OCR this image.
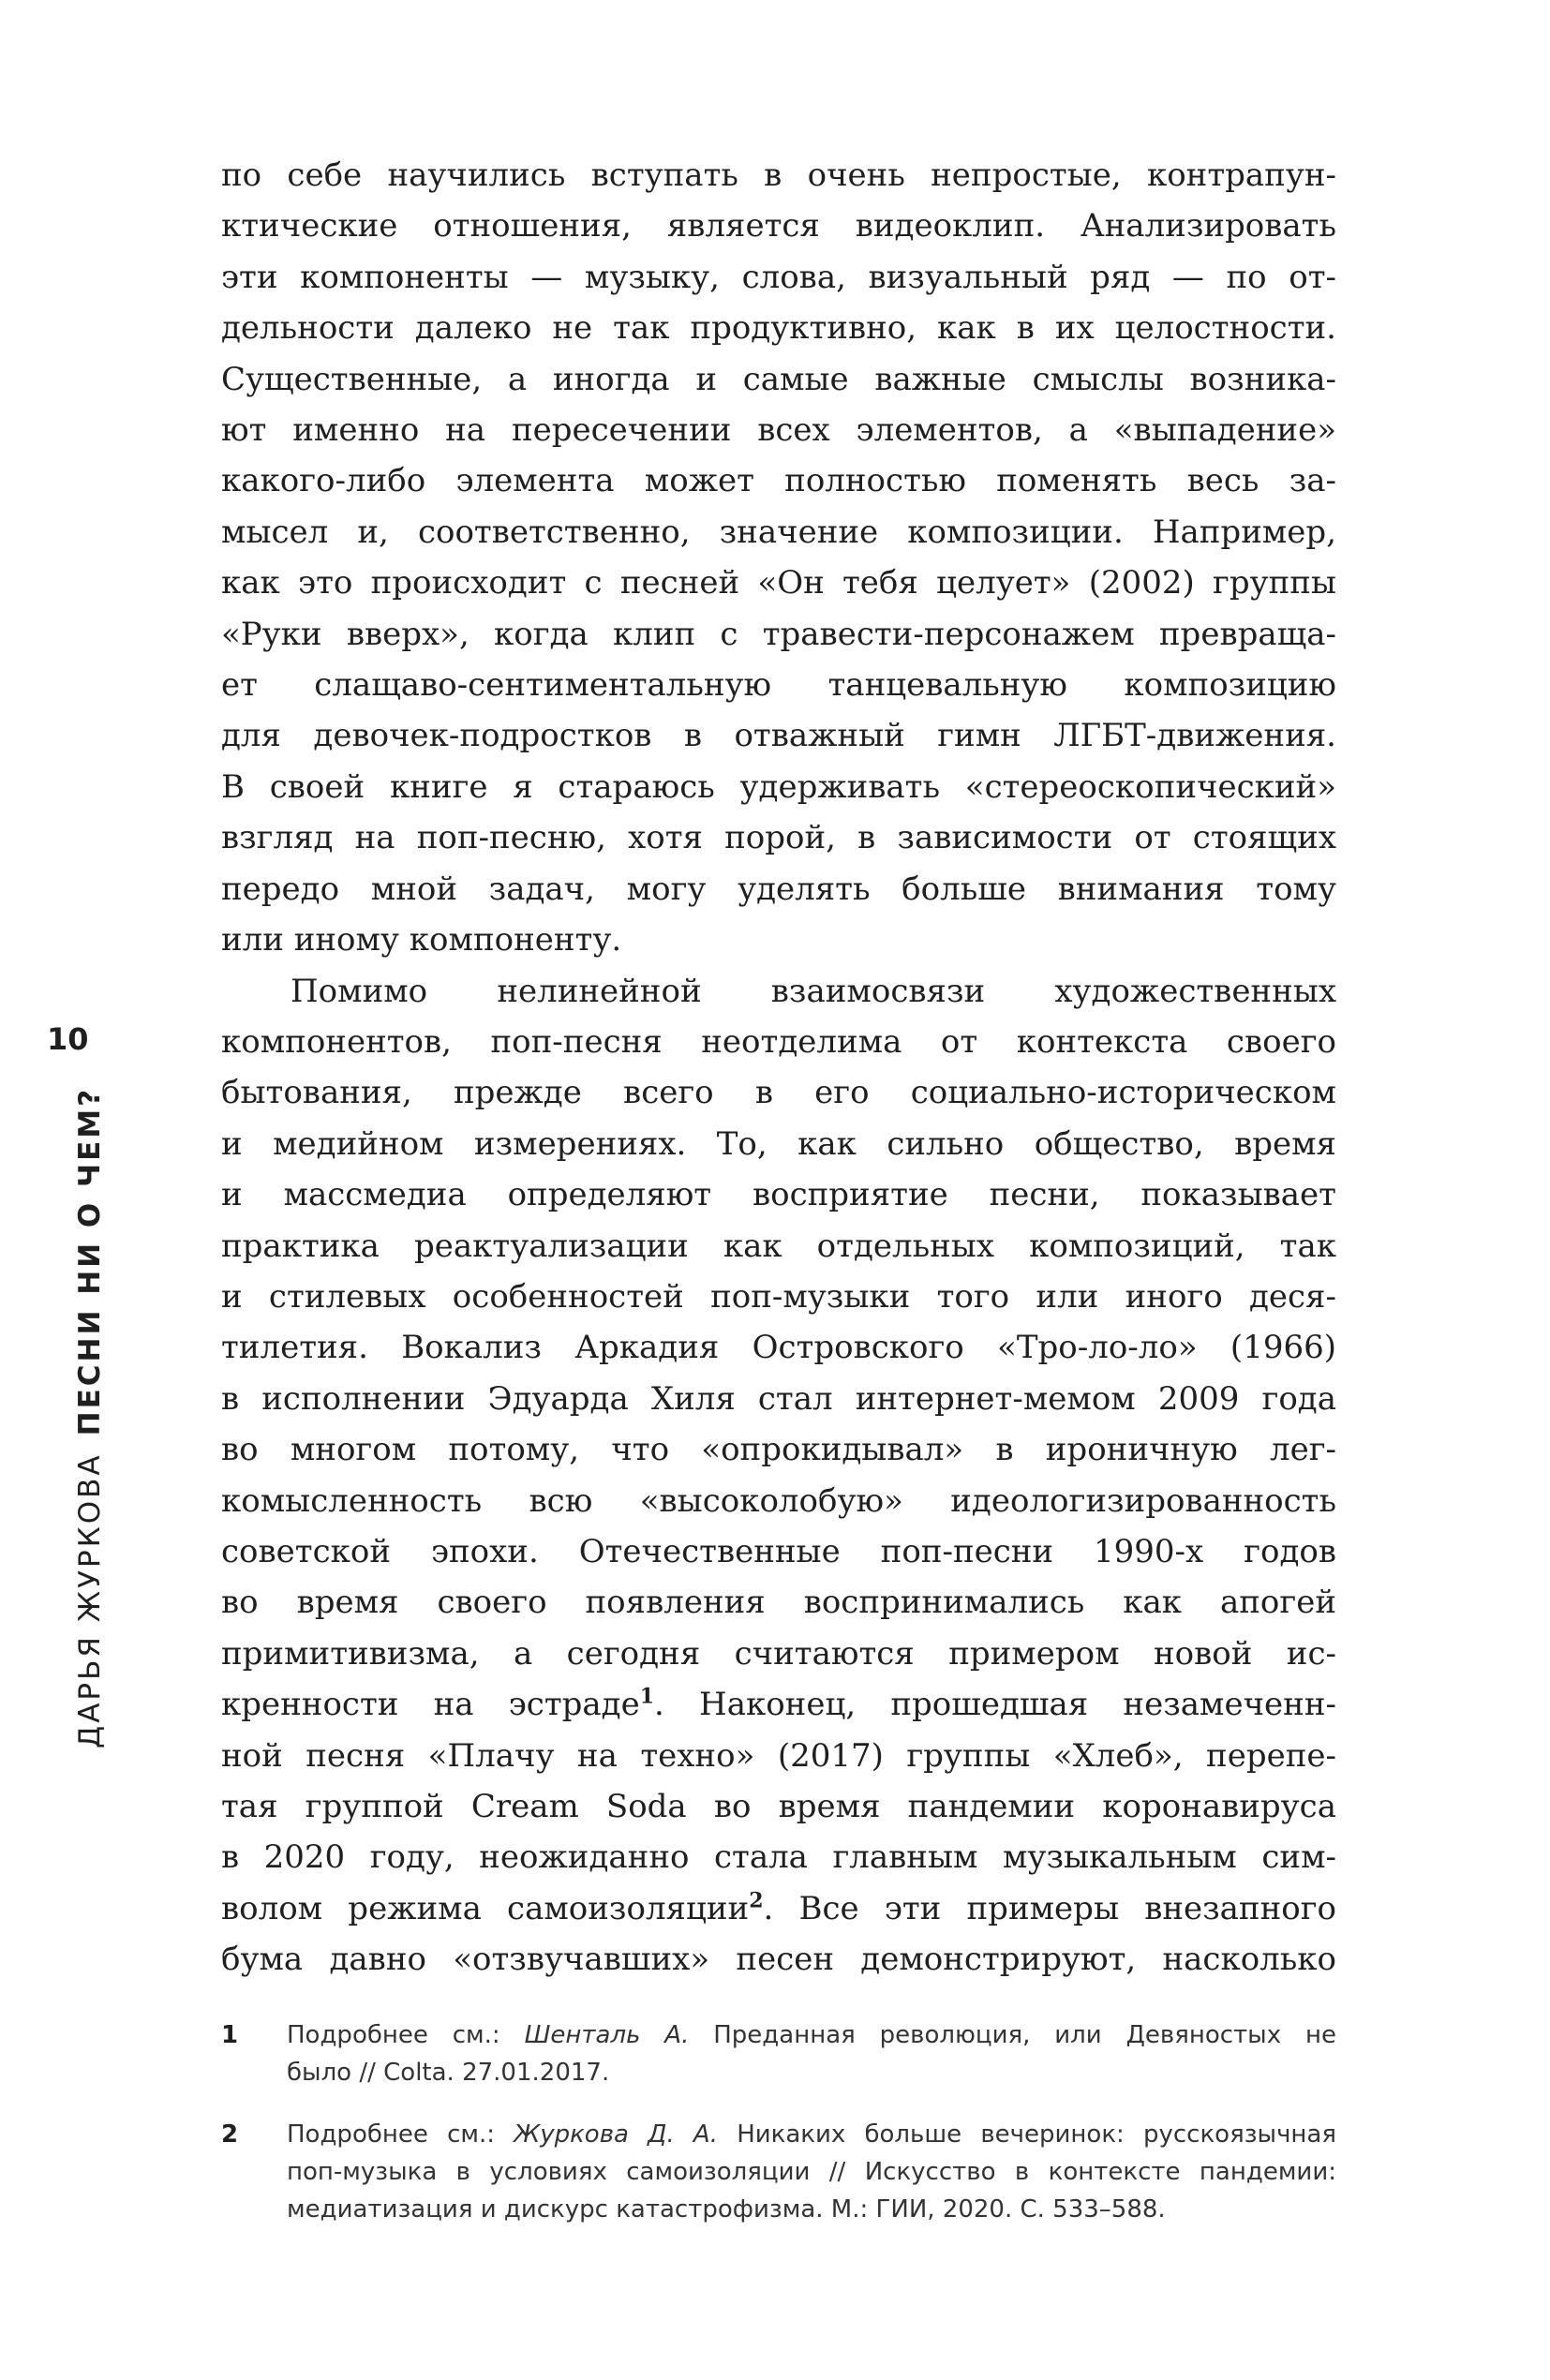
ДАРЬЯ ЖУРКОВАПЕСНИ НИ О ЧЕМ?
10
по себе научились вступать в очень непростые, контрапун-
ктические отношения, является видеоклип. Анализировать
эти компоненты — музыку, слова, визуальный ряд — по от-
дельности далеко не так продуктивно, как в их целостности.
Существенные, а иногда и самые важные смыслы возника-
ют именно на пересечении всех элементов, а «выпадение»
какого-либо элемента может полностью поменять весь за-
мысел и, соответственно, значение композиции. Например,
как это происходит с песней «Он тебя целует» (2002) группы
«Руки вверх», когда клип с травести-персонажем превраща-
ет слащаво-сентиментальную танцевальную композицию
для девочек-подростков в отважный гимн ЛГБТ-движения.
В своей книге я стараюсь удерживать «стереоскопический»
взгляд на поп-песню, хотя порой, в зависимости от стоящих
передо мной задач, могу уделять больше внимания тому
или иному компоненту.
Помимо нелинейной взаимосвязи художественных
компонентов, поп-песня неотделима от контекста своего
бытования, прежде всего в его социально-историческом
и медийном измерениях. То, как сильно общество, время
и массмедиа определяют восприятие песни, показывает
практика реактуализации как отдельных композиций, так
и стилевых особенностей поп-музыки того или иного деся-
тилетия. Вокализ Аркадия Островского «Тро-ло-ло» (1966)
в исполнении Эдуарда Хиля стал интернет-мемом 2009 года
во многом потому, что «опрокидывал» в ироничную лег-
комысленность всю «высоколобую» идеологизированность
советской эпохи. Отечественные поп-песни 1990-х годов
во время своего появления воспринимались как апогей
примитивизма, а сегодня считаются примером новой ис-
кренности на эстраде$^1$. Наконец, прошедшая незамеченн-
ной песня «Плачу на техно» (2017) группы «Хлеб», перепе-
тая группой Cream Soda во время пандемии коронавируса
в 2020 году, неожиданно стала главным музыкальным сим-
волом режима самоизоляции$^2$. Все эти примеры внезапного
бума давно «отзвучавших» песен демонстрируют, насколько
1 Подробнее см.: Шенталь А. Преданная революция, или Девяностых не
было // Colta. 27.01.2017.
2 Подробнее см.: Журкова Д. А. Никаких больше вечеринок: русскоязычная
поп-музыка в условиях самоизоляции // Искусство в контексте пандемии:
медиатизация и дискурс катастрофизма. М.: ГИИ, 2020. С. 533–588.
